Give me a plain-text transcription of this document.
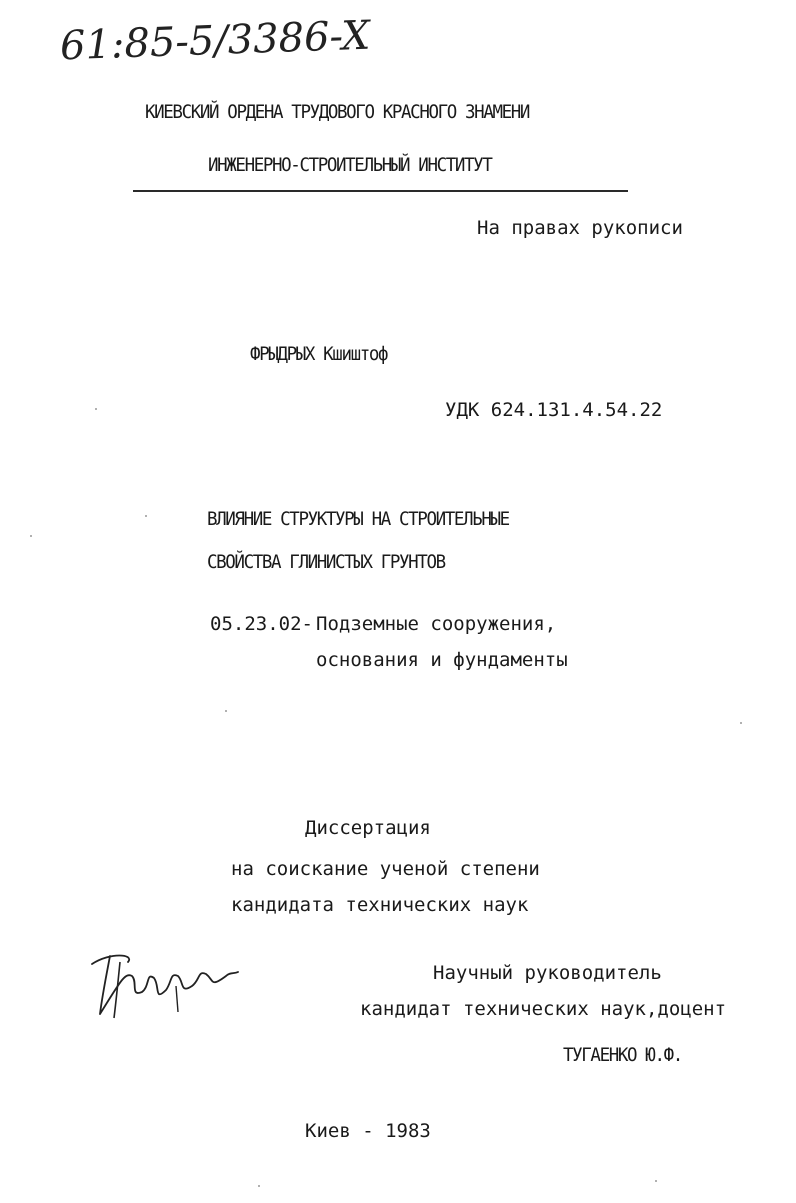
61:85-5/3386-X
КИЕВСКИЙ ОРДЕНА ТРУДОВОГО КРАСНОГО ЗНАМЕНИ
ИНЖЕНЕРНО-СТРОИТЕЛЬНЫЙ ИНСТИТУТ
На правах рукописи
ФРЫДРЫХ Кшиштоф
УДК 624.131.4.54.22
ВЛИЯНИЕ СТРУКТУРЫ НА СТРОИТЕЛЬНЫЕ
СВОЙСТВА ГЛИНИСТЫХ ГРУНТОВ
05.23.02- Подземные сооружения,
основания и фундаменты
Диссертация
на соискание ученой степени
кандидата технических наук
Научный руководитель
кандидат технических наук,доцент
ТУГАЕНКО Ю.Ф.
Киев - 1983
